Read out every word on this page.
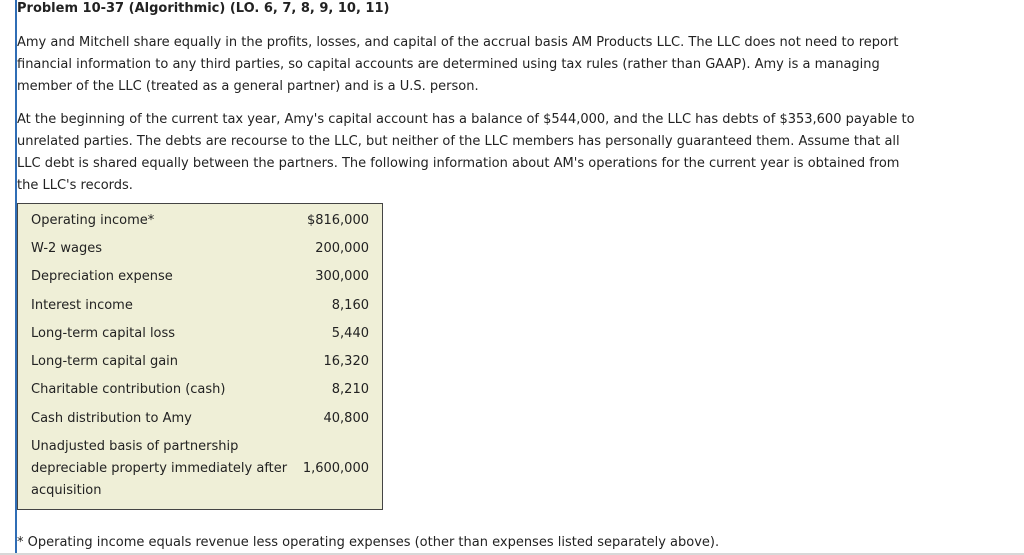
Problem 10-37 (Algorithmic) (LO. 6, 7, 8, 9, 10, 11)

Amy and Mitchell share equally in the profits, losses, and capital of the accrual basis AM Products LLC. The LLC does not need to report financial information to any third parties, so capital accounts are determined using tax rules (rather than GAAP). Amy is a managing member of the LLC (treated as a general partner) and is a U.S. person.

At the beginning of the current tax year, Amy's capital account has a balance of $544,000, and the LLC has debts of $353,600 payable to unrelated parties. The debts are recourse to the LLC, but neither of the LLC members has personally guaranteed them. Assume that all LLC debt is shared equally between the partners. The following information about AM's operations for the current year is obtained from the LLC's records.

Operating income*	$816,000
W-2 wages	200,000
Depreciation expense	300,000
Interest income	8,160
Long-term capital loss	5,440
Long-term capital gain	16,320
Charitable contribution (cash)	8,210
Cash distribution to Amy	40,800
Unadjusted basis of partnership depreciable property immediately after acquisition
1,600,000
* Operating income equals revenue less operating expenses (other than expenses listed separately above).
